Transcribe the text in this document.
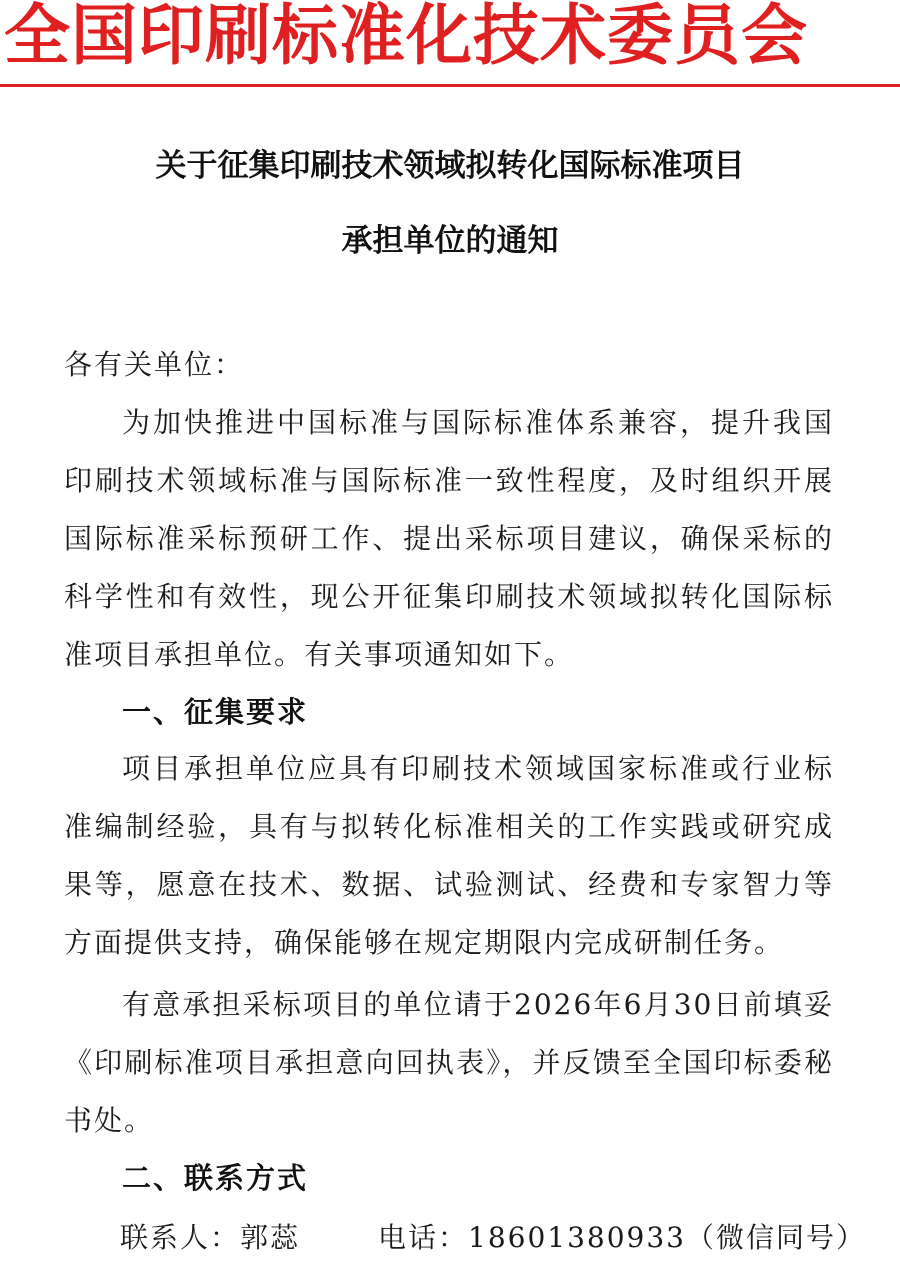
全国印刷标准化技术委员会
关于征集印刷技术领域拟转化国际标准项目
承担单位的通知
各有关单位：
为加快推进中国标准与国际标准体系兼容，提升我国印刷技术领域标准与国际标准一致性程度，及时组织开展国际标准采标预研工作、提出采标项目建议，确保采标的科学性和有效性，现公开征集印刷技术领域拟转化国际标准项目承担单位。有关事项通知如下。
一、征集要求
项目承担单位应具有印刷技术领域国家标准或行业标准编制经验，具有与拟转化标准相关的工作实践或研究成果等，愿意在技术、数据、试验测试、经费和专家智力等方面提供支持，确保能够在规定期限内完成研制任务。
有意承担采标项目的单位请于2026年6月30日前填妥《印刷标准项目承担意向回执表》，并反馈至全国印标委秘书处。
二、联系方式
联系人：郭蕊	电话：18601380933（微信同号）
